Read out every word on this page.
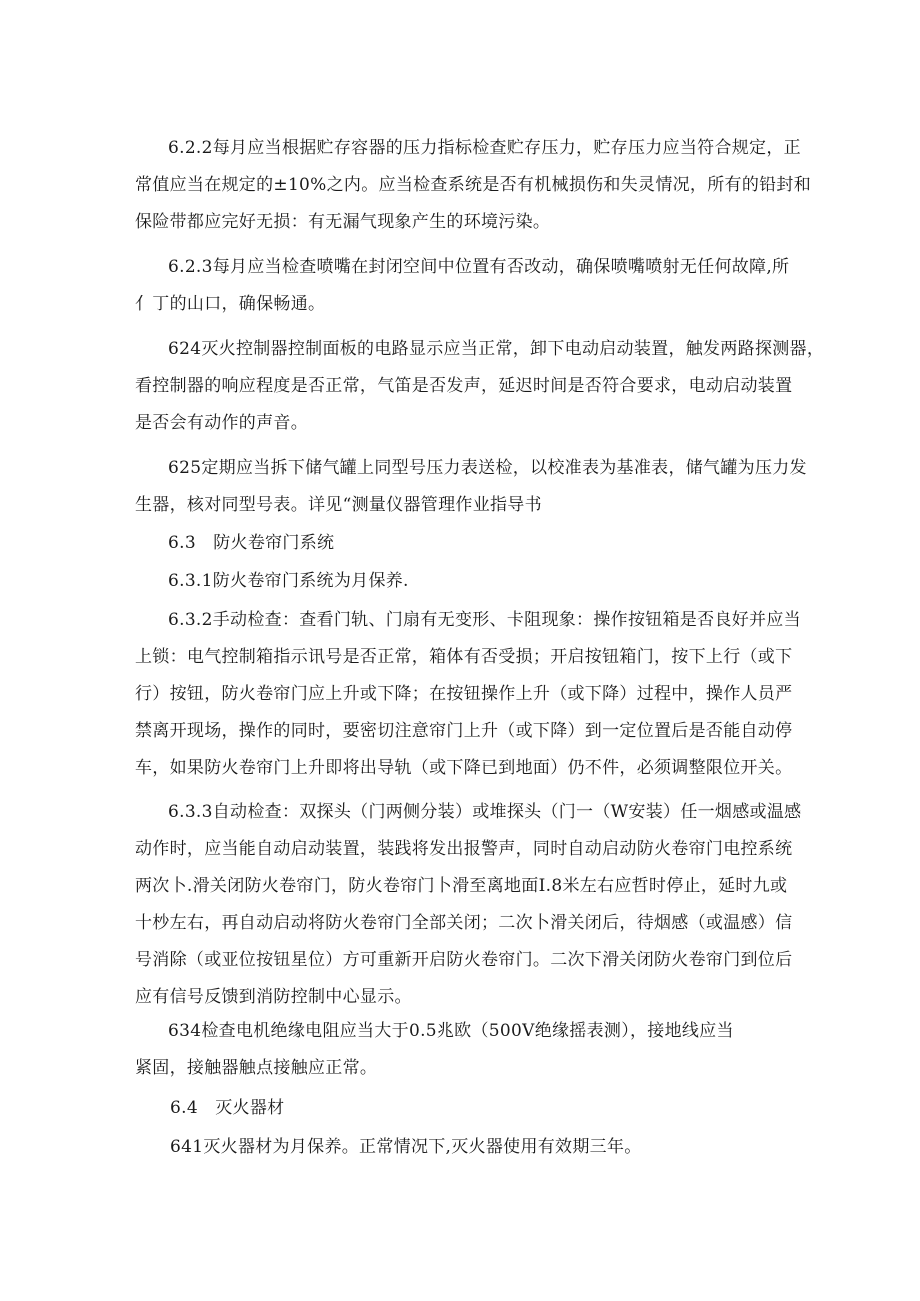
6.2.2每月应当根据贮存容器的压力指标检查贮存压力，贮存压力应当符合规定，正
常值应当在规定的±10%之内。应当检查系统是否有机械损伤和失灵情况，所有的铅封和
保险带都应完好无损：有无漏气现象产生的环境污染。
6.2.3每月应当检查喷嘴在封闭空间中位置有否改动，确保喷嘴喷射无任何故障,所
亻丁的山口，确保畅通。
624灭火控制器控制面板的电路显示应当正常，卸下电动启动装置，触发两路探测器，
看控制器的响应程度是否正常，气笛是否发声，延迟时间是否符合要求，电动启动装置
是否会有动作的声音。
625定期应当拆下储气罐上同型号压力表送检，以校准表为基准表，储气罐为压力发
生器，核对同型号表。详见“测量仪器管理作业指导书
6.3　防火卷帘门系统
6.3.1防火卷帘门系统为月保养.
6.3.2手动检查：查看门轨、门扇有无变形、卡阻现象：操作按钮箱是否良好并应当
上锁：电气控制箱指示讯号是否正常，箱体有否受损；开启按钮箱门，按下上行（或下
行）按钮，防火卷帘门应上升或下降；在按钮操作上升（或下降）过程中，操作人员严
禁离开现场，操作的同时，要密切注意帘门上升（或下降）到一定位置后是否能自动停
车，如果防火卷帘门上升即将出导轨（或下降已到地面）仍不件，必须调整限位开关。
6.3.3自动检查：双探头（门两侧分装）或堆探头（门一（W安装）任一烟感或温感
动作时，应当能自动启动装置，装践将发出报警声，同时自动启动防火卷帘门电控系统
两次卜.滑关闭防火卷帘门，防火卷帘门卜滑至离地面I.8米左右应哲时停止，延时九或
十杪左右，再自动启动将防火卷帘门全部关闭；二次卜滑关闭后，待烟感（或温感）信
号消除（或亚位按钮星位）方可重新开启防火卷帘门。二次下滑关闭防火卷帘门到位后
应有信号反馈到消防控制中心显示。
634检查电机绝缘电阻应当大于0.5兆欧（500V绝缘摇表测），接地线应当
紧固，接触器触点接触应正常。
6.4　灭火器材
641灭火器材为月保养。正常情况下,灭火器使用有效期三年。
